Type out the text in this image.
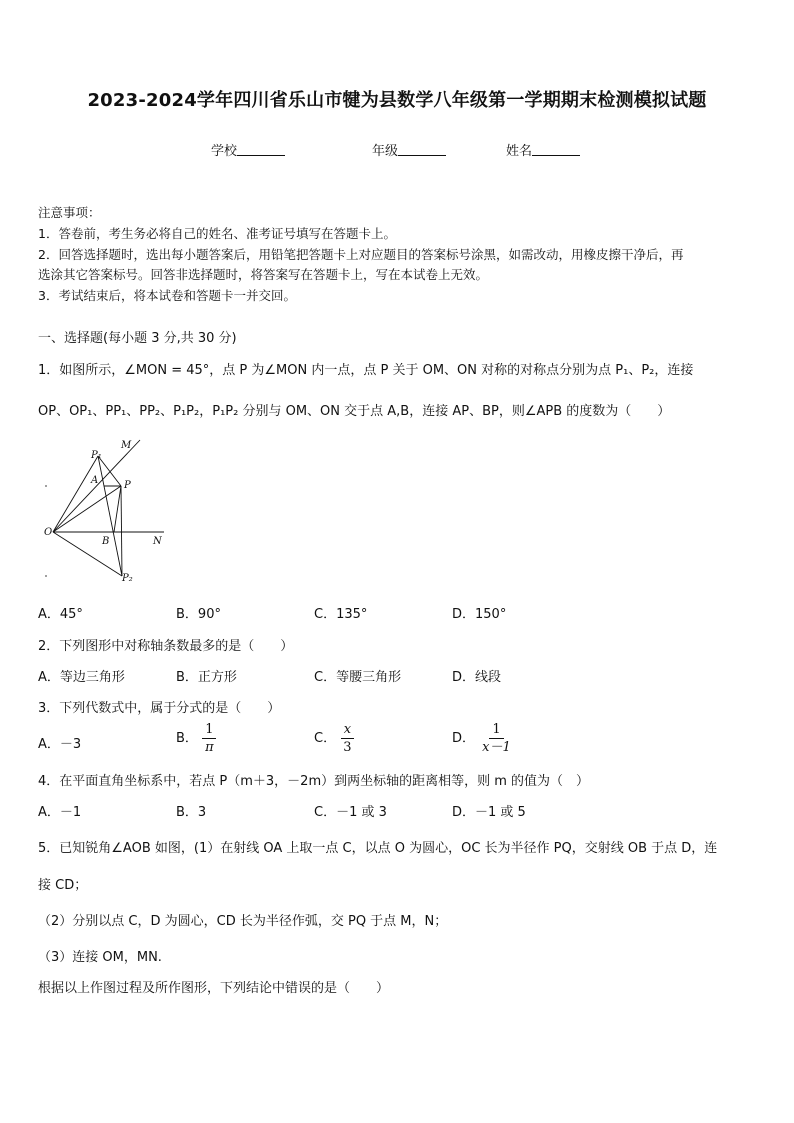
2023-2024学年四川省乐山市犍为县数学八年级第一学期期末检测模拟试题
学校	年级	姓名
注意事项：
1．答卷前，考生务必将自己的姓名、准考证号填写在答题卡上。
2．回答选择题时，选出每小题答案后，用铅笔把答题卡上对应题目的答案标号涂黑，如需改动，用橡皮擦干净后，再
选涂其它答案标号。回答非选择题时，将答案写在答题卡上，写在本试卷上无效。
3．考试结束后，将本试卷和答题卡一并交回。
一、选择题(每小题 3 分,共 30 分)
1．如图所示，∠MON = 45°，点 P 为∠MON 内一点，点 P 关于 OM、ON 对称的对称点分别为点 P₁、P₂，连接
OP、OP₁、PP₁、PP₂、P₁P₂，P₁P₂ 分别与 OM、ON 交于点 A,B，连接 AP、BP，则∠APB 的度数为（　　）
M
P₁
A	P
O
B	N
P₂
A．45°	B．90°	C．135°	D．150°
2．下列图形中对称轴条数最多的是（　　）
A．等边三角形	B．正方形	C．等腰三角形	D．线段
3．下列代数式中，属于分式的是（　　）
A．－3	B． $\frac{1}{\pi}$	C． $\frac{x}{3}$	D． $\frac{1}{x-1}$
4．在平面直角坐标系中，若点 P（m＋3，－2m）到两坐标轴的距离相等，则 m 的值为（　）
A．－1	B．3	C．－1 或 3	D．－1 或 5
5．已知锐角∠AOB 如图，(1）在射线 OA 上取一点 C，以点 O 为圆心，OC 长为半径作 PQ，交射线 OB 于点 D，连
接 CD；
（2）分别以点 C，D 为圆心，CD 长为半径作弧，交 PQ 于点 M，N；
（3）连接 OM，MN.
根据以上作图过程及所作图形，下列结论中错误的是（　　）
